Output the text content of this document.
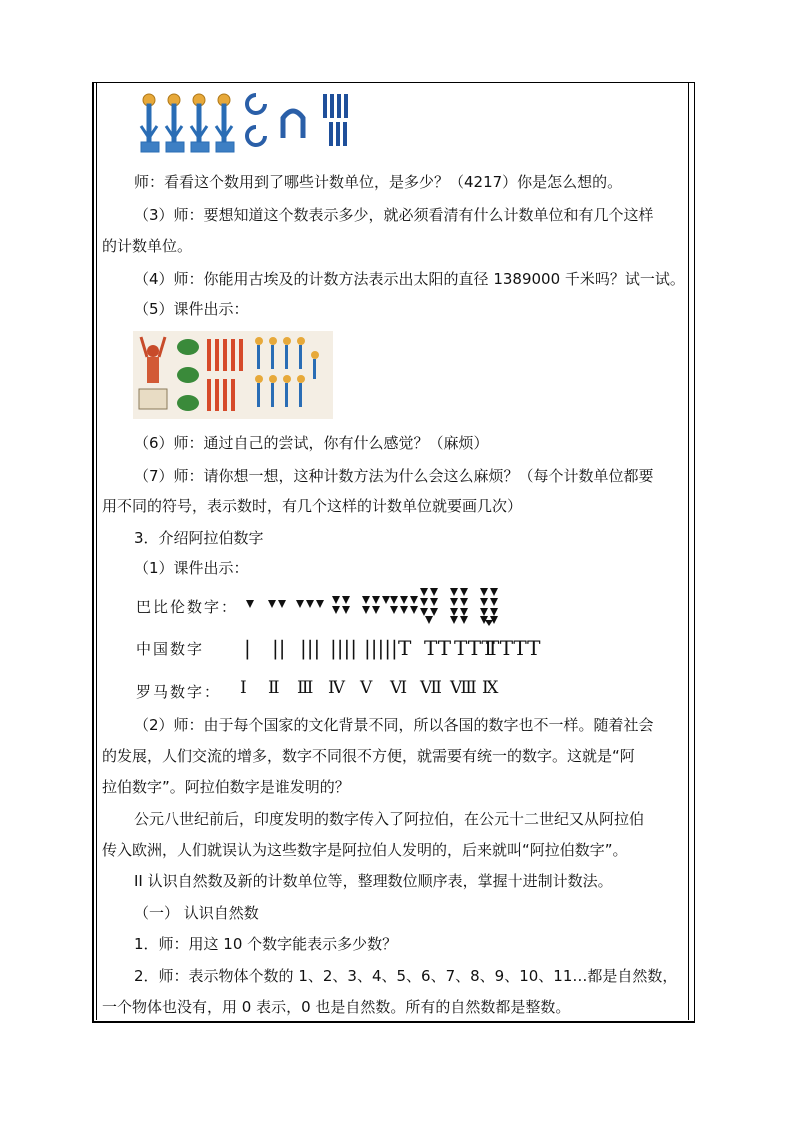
师：看看这个数用到了哪些计数单位，是多少？（4217）你是怎么想的。
（3）师：要想知道这个数表示多少，就必须看清有什么计数单位和有几个这样
的计数单位。
（4）师：你能用古埃及的计数方法表示出太阳的直径 1389000 千米吗？试一试。
（5）课件出示：
（6）师：通过自己的尝试，你有什么感觉？（麻烦）
（7）师：请你想一想，这种计数方法为什么会这么麻烦？（每个计数单位都要
用不同的符号，表示数时，有几个这样的计数单位就要画几次）
3．介绍阿拉伯数字
（1）课件出示：
巴比伦数字：
中国数字 | || ||| |||| ||||| T TT TTT
TTTT
罗马数字： Ⅰ Ⅱ Ⅲ Ⅳ Ⅴ Ⅵ Ⅶ Ⅷ Ⅸ
（2）师：由于每个国家的文化背景不同，所以各国的数字也不一样。随着社会
的发展，人们交流的增多，数字不同很不方便，就需要有统一的数字。这就是“阿
拉伯数字”。阿拉伯数字是谁发明的？
公元八世纪前后，印度发明的数字传入了阿拉伯，在公元十二世纪又从阿拉伯
传入欧洲，人们就误认为这些数字是阿拉伯人发明的，后来就叫“阿拉伯数字”。
II 认识自然数及新的计数单位等，整理数位顺序表，掌握十进制计数法。
（一） 认识自然数
1．师：用这 10 个数字能表示多少数？
2．师：表示物体个数的 1、2、3、4、5、6、7、8、9、10、11…都是自然数，
一个物体也没有，用 0 表示，0 也是自然数。所有的自然数都是整数。
